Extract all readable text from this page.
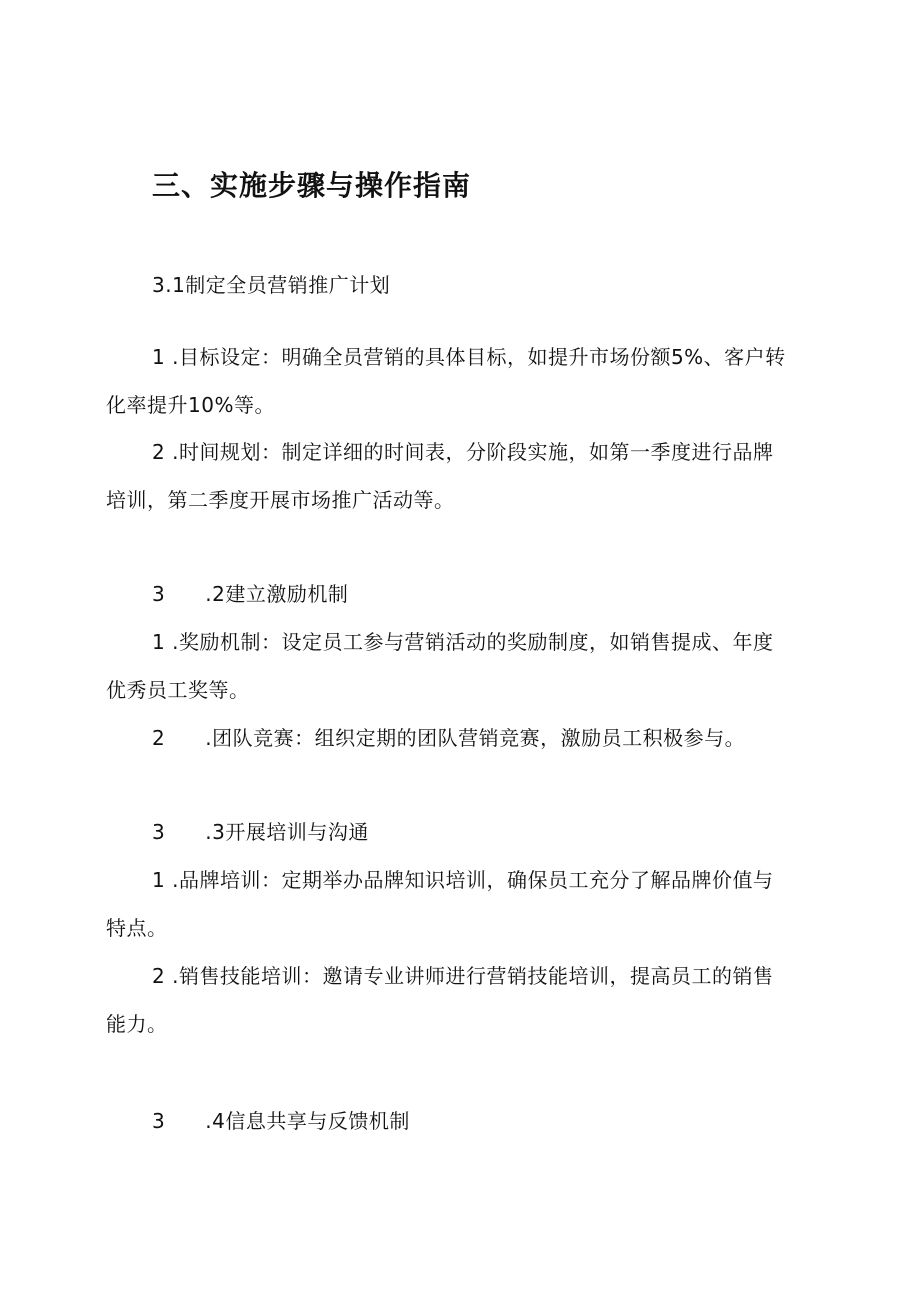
三、实施步骤与操作指南
3.1制定全员营销推广计划
1 .目标设定：明确全员营销的具体目标，如提升市场份额5%、客户转
化率提升10%等。
2 .时间规划：制定详细的时间表，分阶段实施，如第一季度进行品牌
培训，第二季度开展市场推广活动等。
3 .2建立激励机制
1 .奖励机制：设定员工参与营销活动的奖励制度，如销售提成、年度
优秀员工奖等。
2 .团队竞赛：组织定期的团队营销竞赛，激励员工积极参与。
3 .3开展培训与沟通
1 .品牌培训：定期举办品牌知识培训，确保员工充分了解品牌价值与
特点。
2 .销售技能培训：邀请专业讲师进行营销技能培训，提高员工的销售
能力。
3 .4信息共享与反馈机制
